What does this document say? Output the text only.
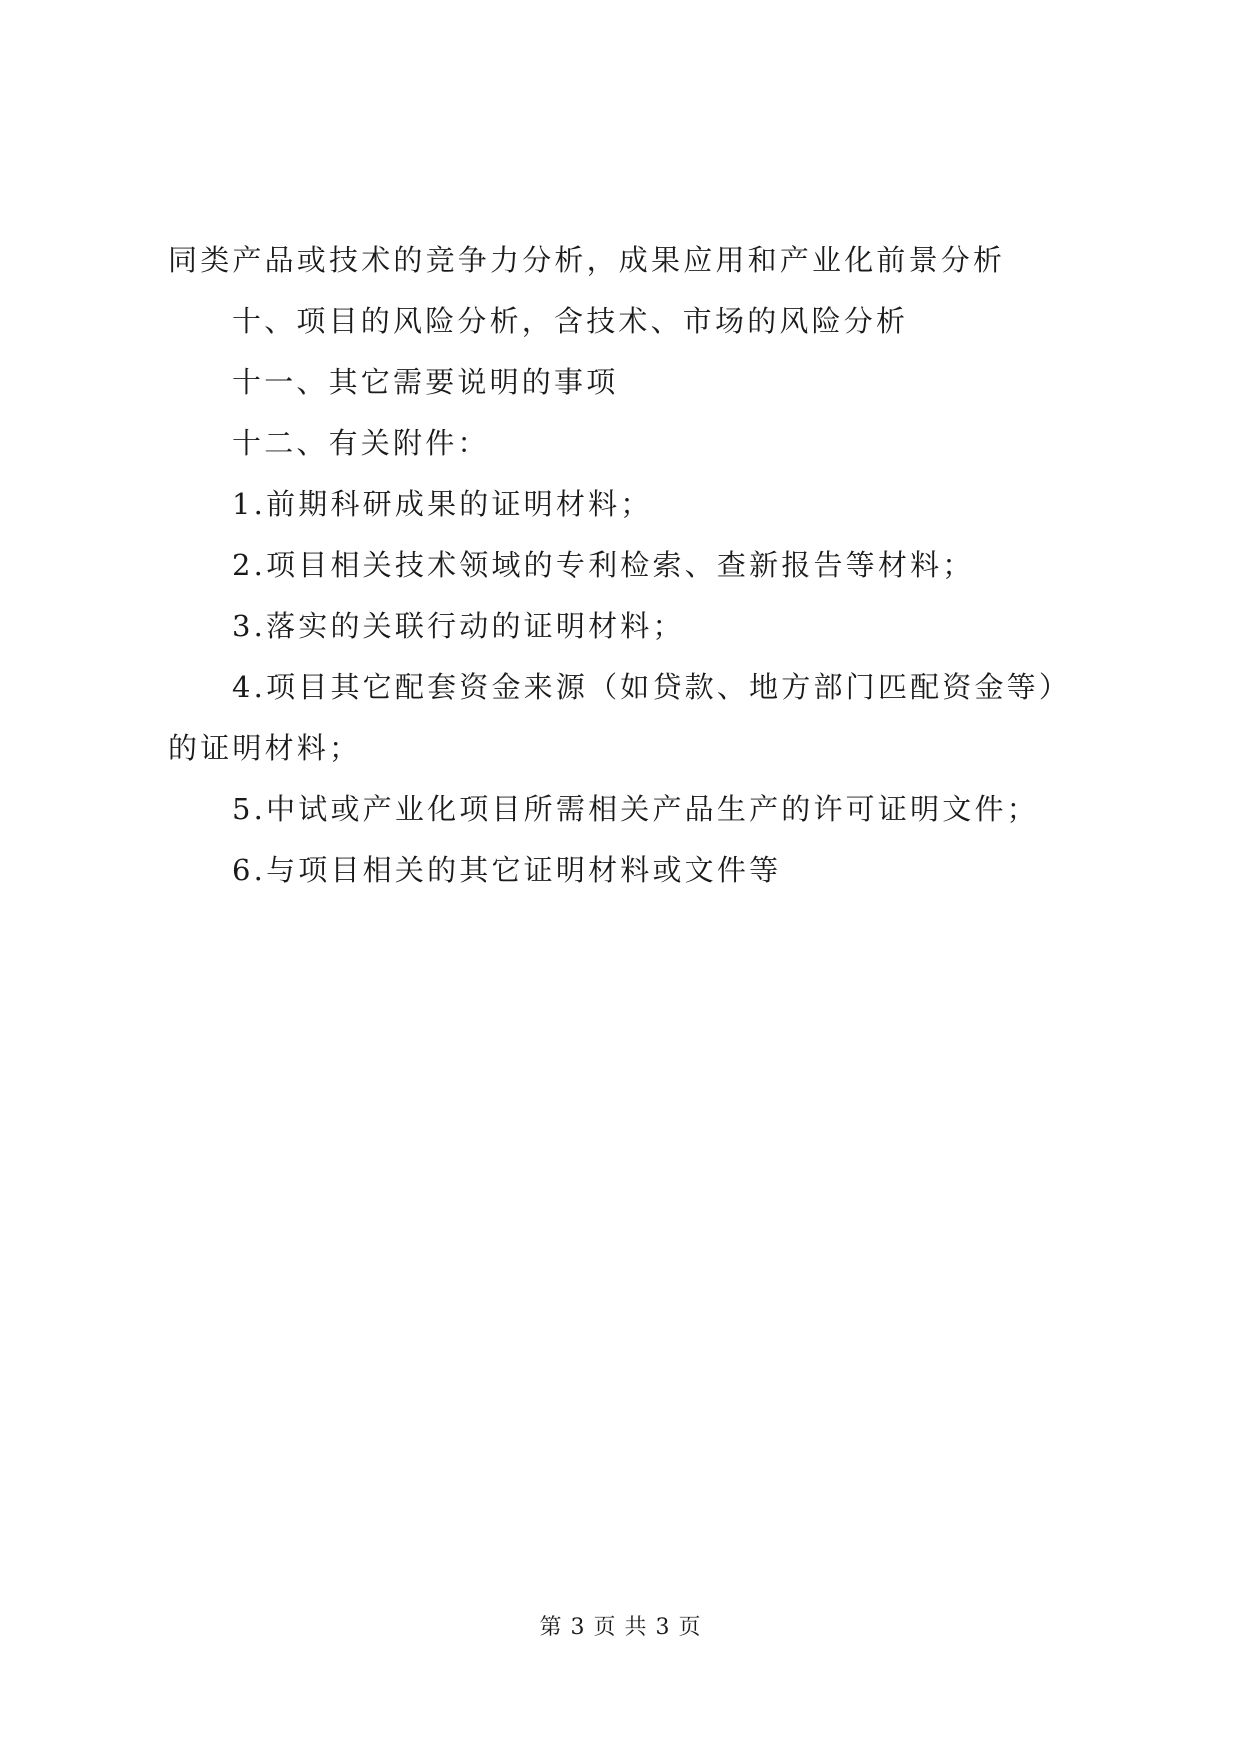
同类产品或技术的竞争力分析，成果应用和产业化前景分析
十、项目的风险分析，含技术、市场的风险分析
十一、其它需要说明的事项
十二、有关附件：
1.前期科研成果的证明材料；
2.项目相关技术领域的专利检索、查新报告等材料；
3.落实的关联行动的证明材料；
4.项目其它配套资金来源（如贷款、地方部门匹配资金等）
的证明材料；
5.中试或产业化项目所需相关产品生产的许可证明文件；
6.与项目相关的其它证明材料或文件等
第 3 页 共 3 页
